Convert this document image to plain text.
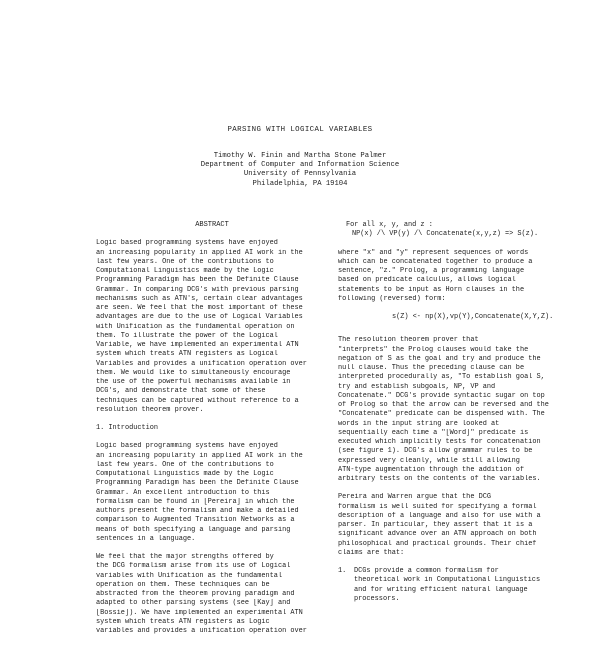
PARSING WITH LOGICAL VARIABLES
Timothy W. Finin and Martha Stone Palmer
Department of Computer and Information Science
University of Pennsylvania
Philadelphia, PA 19104
ABSTRACT
Logic based programming systems have enjoyed
an increasing popularity in applied AI work in the
last few years. One of the contributions to
Computational Linguistics made by the Logic
Programming Paradigm has been the Definite Clause
Grammar. In comparing DCG's with previous parsing
mechanisms such as ATN's, certain clear advantages
are seen. We feel that the most important of these
advantages are due to the use of Logical Variables
with Unification as the fundamental operation on
them. To illustrate the power of the Logical
Variable, we have implemented an experimental ATN
system which treats ATN registers as Logical
Variables and provides a unification operation over
them. We would like to simultaneously encourage
the use of the powerful mechanisms available in
DCG's, and demonstrate that some of these
techniques can be captured without reference to a
resolution theorem prover.
1. Introduction
Logic based programming systems have enjoyed
an increasing popularity in applied AI work in the
last few years. One of the contributions to
Computational Linguistics made by the Logic
Programming Paradigm has been the Definite Clause
Grammar. An excellent introduction to this
formalism can be found in [Pereira] in which the
authors present the formalism and make a detailed
comparison to Augmented Transition Networks as a
means of both specifying a language and parsing
sentences in a language.
We feel that the major strengths offered by
the DCG formalism arise from its use of Logical
variables with Unification as the fundamental
operation on them. These techniques can be
abstracted from the theorem proving paradigm and
adapted to other parsing systems (see [Kay] and
[Bossie]). We have implemented an experimental ATN
system which treats ATN registers as Logic
variables and provides a unification operation over
For all x, y, and z :
NP(x) /\ VP(y) /\ Concatenate(x,y,z) => S(z).
where "x" and "y" represent sequences of words
which can be concatenated together to produce a
sentence, "z." Prolog, a programming language
based on predicate calculus, allows logical
statements to be input as Horn clauses in the
following (reversed) form:
s(Z) <- np(X),vp(Y),Concatenate(X,Y,Z).
The resolution theorem prover that
"interprets" the Prolog clauses would take the
negation of S as the goal and try and produce the
null clause. Thus the preceding clause can be
interpreted procedurally as, "To establish goal S,
try and establish subgoals, NP, VP and
Concatenate." DCG's provide syntactic sugar on top
of Prolog so that the arrow can be reversed and the
"Concatenate" predicate can be dispensed with. The
words in the input string are looked at
sequentially each time a "[Word]" predicate is
executed which implicitly tests for concatenation
(see figure 1). DCG's allow grammar rules to be
expressed very cleanly, while still allowing
ATN-type augmentation through the addition of
arbitrary tests on the contents of the variables.
Pereira and Warren argue that the DCG
formalism is well suited for specifying a formal
description of a language and also for use with a
parser. In particular, they assert that it is a
significant advance over an ATN approach on both
philosophical and practical grounds. Their chief
claims are that:
1.	DCGs provide a common formalism for
theoretical work in Computational Linguistics
and for writing efficient natural language
processors.
